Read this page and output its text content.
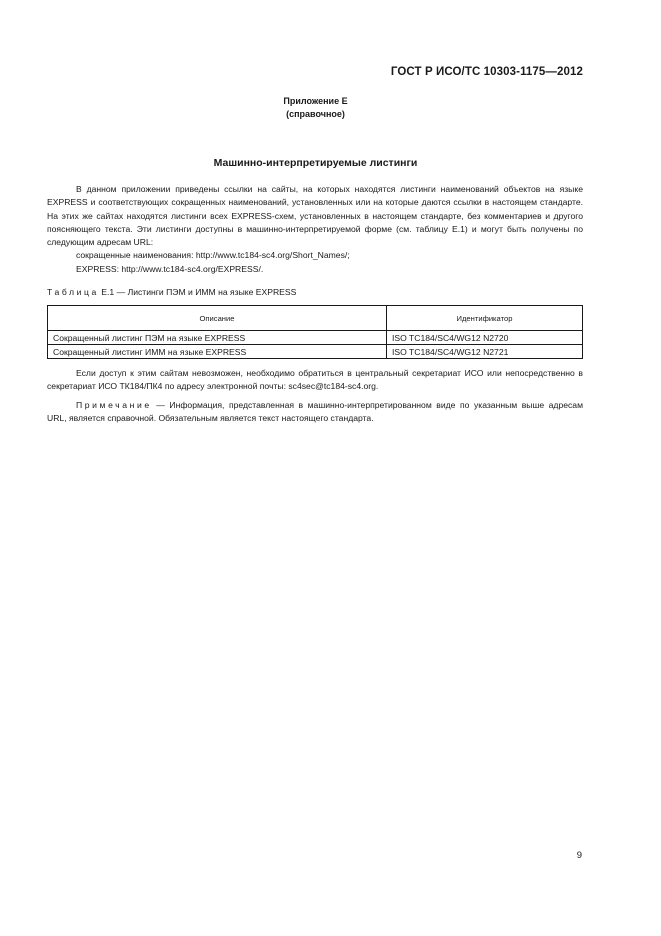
ГОСТ Р ИСО/ТС 10303-1175—2012
Приложение Е
(справочное)
Машинно-интерпретируемые листинги

В данном приложении приведены ссылки на сайты, на которых находятся листинги наименований объектов на языке EXPRESS и соответствующих сокращенных наименований, установленных или на которые даются ссылки в настоящем стандарте. На этих же сайтах находятся листинги всех EXPRESS-схем, установленных в настоящем стандарте, без комментариев и другого поясняющего текста. Эти листинги доступны в машинно-интерпретируемой форме (см. таблицу Е.1) и могут быть получены по следующим адресам URL:

сокращенные наименования: http://www.tc184-sc4.org/Short_Names/;

EXPRESS: http://www.tc184-sc4.org/EXPRESS/.

Таблица Е.1 — Листинги ПЭМ и ИММ на языке EXPRESS
Описание	Идентификатор
Сокращенный листинг ПЭМ на языке EXPRESS	ISO TC184/SC4/WG12 N2720
Сокращенный листинг ИММ на языке EXPRESS	ISO TC184/SC4/WG12 N2721

Если доступ к этим сайтам невозможен, необходимо обратиться в центральный секретариат ИСО или непосредственно в секретариат ИСО ТК184/ПК4 по адресу электронной почты: sc4sec@tc184-sc4.org.

Примечание — Информация, представленная в машинно-интерпретированном виде по указанным выше адресам URL, является справочной. Обязательным является текст настоящего стандарта.

9
